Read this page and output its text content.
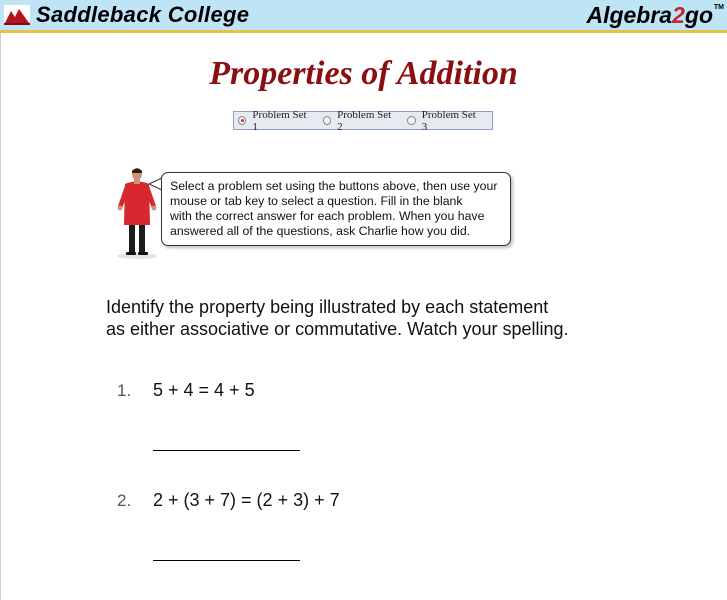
Saddleback College	Algebra 2 go TM
Properties of Addition
Problem Set 1
Problem Set 2
Problem Set 3
Select a problem set using the buttons above, then use your
mouse or tab key to select a question. Fill in the blank
with the correct answer for each problem. When you have
answered all of the questions, ask Charlie how you did.
Identify the property being illustrated by each statement
as either associative or commutative. Watch your spelling.
1.	5 + 4 = 4 + 5
2.	2 + (3 + 7) = (2 + 3) + 7
